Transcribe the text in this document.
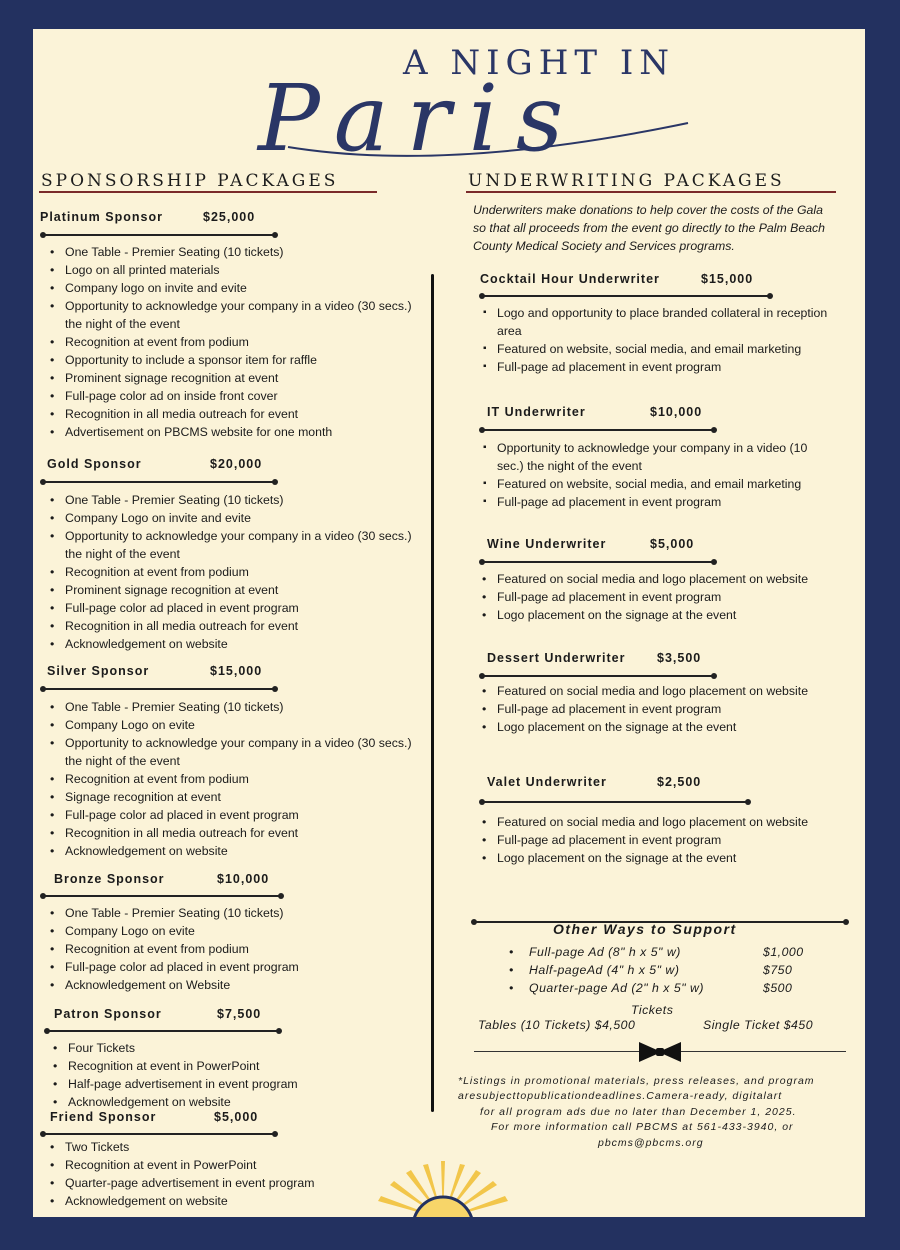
A NIGHT IN
Paris
SPONSORSHIP PACKAGES
Platinum Sponsor	$25,000
• One Table - Premier Seating (10 tickets)
• Logo on all printed materials
• Company logo on invite and evite
• Opportunity to acknowledge your company in a video (30 secs.) the night of the event
• Recognition at event from podium
• Opportunity to include a sponsor item for raffle
• Prominent signage recognition at event
• Full-page color ad on inside front cover
• Recognition in all media outreach for event
• Advertisement on PBCMS website for one month
Gold Sponsor	$20,000
• One Table - Premier Seating (10 tickets)
• Company Logo on invite and evite
• Opportunity to acknowledge your company in a video (30 secs.) the night of the event
• Recognition at event from podium
• Prominent signage recognition at event
• Full-page color ad placed in event program
• Recognition in all media outreach for event
• Acknowledgement on website
Silver Sponsor	$15,000
• One Table - Premier Seating (10 tickets)
• Company Logo on evite
• Opportunity to acknowledge your company in a video (30 secs.) the night of the event
• Recognition at event from podium
• Signage recognition at event
• Full-page color ad placed in event program
• Recognition in all media outreach for event
• Acknowledgement on website
Bronze Sponsor	$10,000
• One Table - Premier Seating (10 tickets)
• Company Logo on evite
• Recognition at event from podium
• Full-page color ad placed in event program
• Acknowledgement on Website
Patron Sponsor	$7,500
• Four Tickets
• Recognition at event in PowerPoint
• Half-page advertisement in event program
• Acknowledgement on website
Friend Sponsor	$5,000
• Two Tickets
• Recognition at event in PowerPoint
• Quarter-page advertisement in event program
• Acknowledgement on website
UNDERWRITING PACKAGES
Underwriters make donations to help cover the costs of the Gala so that all proceeds from the event go directly to the Palm Beach County Medical Society and Services programs.
Cocktail Hour Underwriter	$15,000
▪ Logo and opportunity to place branded collateral in reception area
▪ Featured on website, social media, and email marketing
▪ Full-page ad placement in event program
IT Underwriter	$10,000
▪ Opportunity to acknowledge your company in a video (10 sec.) the night of the event
▪ Featured on website, social media, and email marketing
▪ Full-page ad placement in event program
Wine Underwriter	$5,000
• Featured on social media and logo placement on website
• Full-page ad placement in event program
• Logo placement on the signage at the event
Dessert Underwriter	$3,500
• Featured on social media and logo placement on website
• Full-page ad placement in event program
• Logo placement on the signage at the event
Valet Underwriter	$2,500
• Featured on social media and logo placement on website
• Full-page ad placement in event program
• Logo placement on the signage at the event
Other Ways to Support
• Full-page Ad (8" h x 5" w)	$1,000
• Half-pageAd (4" h x 5" w)	$750
• Quarter-page Ad (2" h x 5" w)	$500
Tickets
Tables (10 Tickets) $4,500	Single Ticket $450
*Listings in promotional materials, press releases, and program
aresubjecttopublicationdeadlines.Camera-ready, digitalart
for all program ads due no later than December 1, 2025.
For more information call PBCMS at 561-433-3940, or
pbcms@pbcms.org
